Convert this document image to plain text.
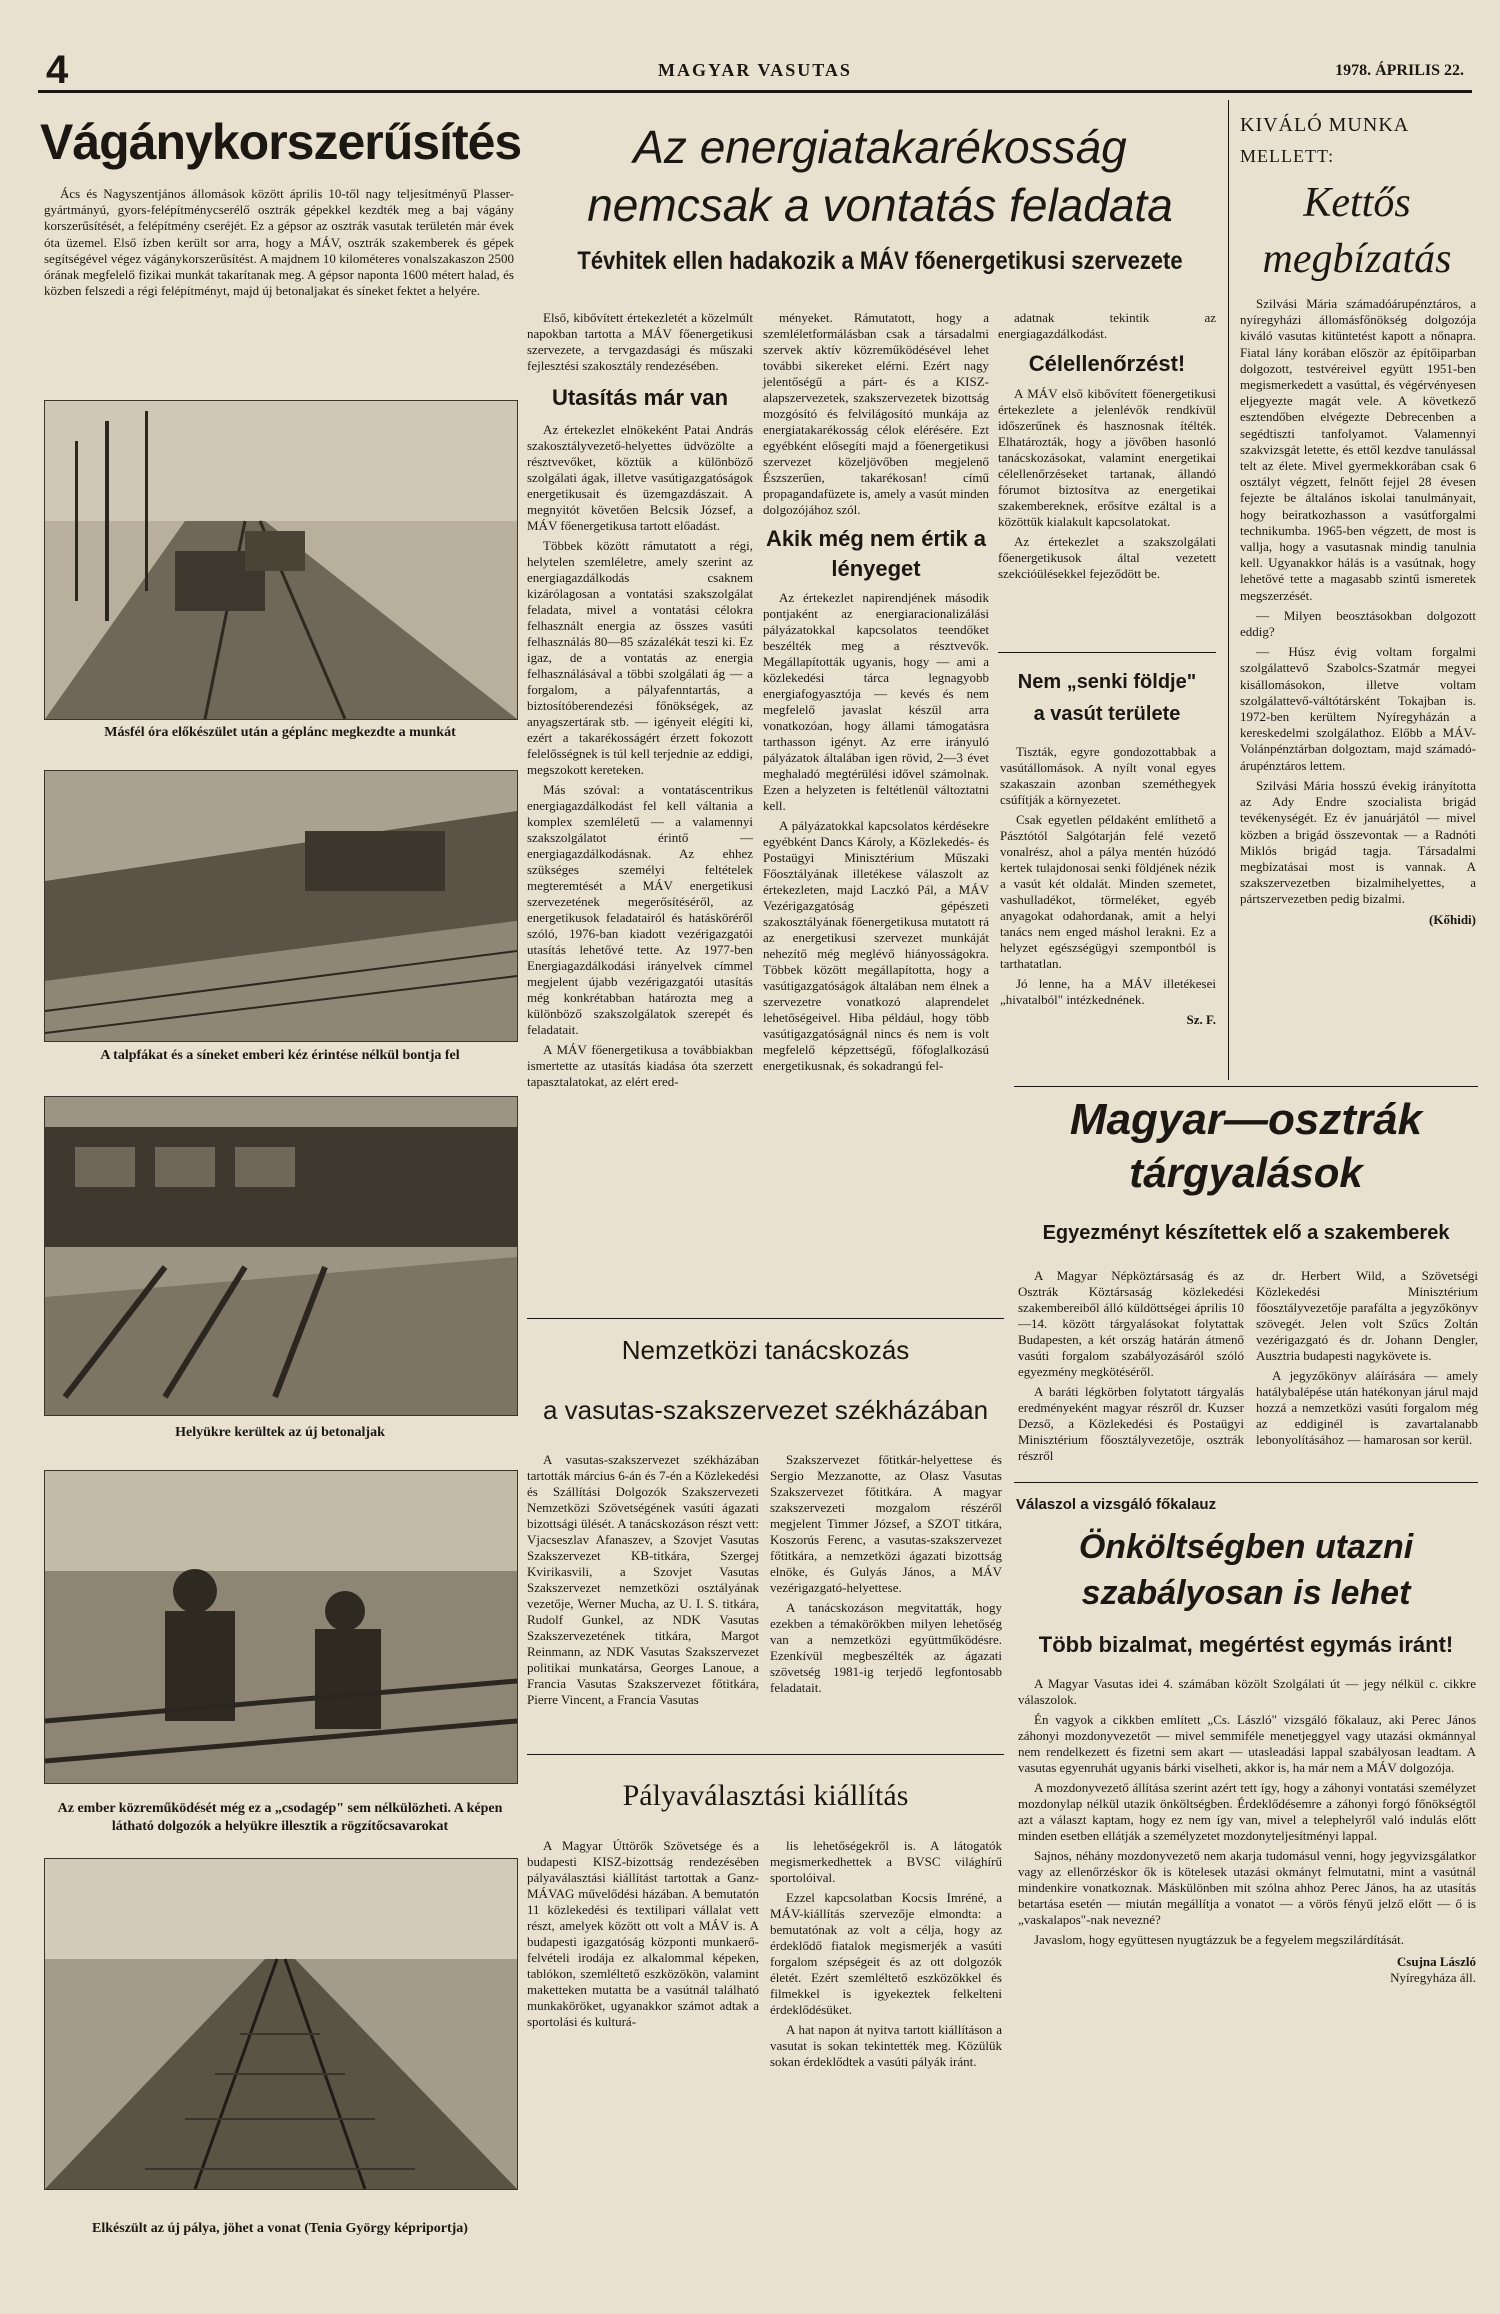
4	MAGYAR VASUTAS	1978. ÁPRILIS 22.
Vágánykorszerűsítés

Ács és Nagyszentjános állomások között április 10-től nagy teljesítményű Plasser-gyártmányú, gyors-felépítménycserélő osztrák gépekkel kezdték meg a baj vágány korszerűsítését, a felépítmény cseréjét. Ez a gépsor az osztrák vasutak területén már évek óta üzemel. Első ízben került sor arra, hogy a MÁV, osztrák szakemberek és gépek segítségével végez vágánykorszerűsítést. A majdnem 10 kilométeres vonalszakaszon 2500 órának megfelelő fizikai munkát takarítanak meg. A gépsor naponta 1600 métert halad, és közben felszedi a régi felépítményt, majd új betonaljakat és síneket fektet a helyére.

Másfél óra előkészület után a géplánc megkezdte a munkát
A talpfákat és a síneket emberi kéz érintése nélkül bontja fel
Helyükre kerültek az új betonaljak
Az ember közreműködését még ez a „csodagép" sem nélkülözheti. A képen látható dolgozók a helyükre illesztik a rögzítőcsavarokat
Elkészült az új pálya, jöhet a vonat (Tenia György képriportja)
Az energiatakarékosság
nemcsak a vontatás feladata
Tévhitek ellen hadakozik a MÁV főenergetikusi szervezete

Első, kibővített értekezletét a közelmúlt napokban tartotta a MÁV főenergetikusi szervezete, a tervgazdasági és műszaki fejlesztési szakosztály rendezésében.

Utasítás már van

Az értekezlet elnökeként Patai András szakosztályvezető-helyettes üdvözölte a résztvevőket, köztük a különböző szolgálati ágak, illetve vasútigazgatóságok energetikusait és üzemgazdászait. A megnyitót követően Belcsik József, a MÁV főenergetikusa tartott előadást.

Többek között rámutatott a régi, helytelen szemléletre, amely szerint az energiagazdálkodás csaknem kizárólagosan a vontatási szakszolgálat feladata, mivel a vontatási célokra felhasznált energia az összes vasúti felhasználás 80—85 százalékát teszi ki. Ez igaz, de a vontatás az energia felhasználásával a többi szolgálati ág — a forgalom, a pályafenntartás, a biztosítóberendezési főnökségek, az anyagszertárak stb. — igényeit elégíti ki, ezért a takarékosságért érzett fokozott felelősségnek is túl kell terjednie az eddigi, megszokott kereteken.

Más szóval: a vontatáscentrikus energiagazdálkodást fel kell váltania a komplex szemléletű — a valamennyi szakszolgálatot érintő — energiagazdálkodásnak. Az ehhez szükséges személyi feltételek megteremtését a MÁV energetikusi szervezetének megerősítéséről, az energetikusok feladatairól és hatásköréről szóló, 1976-ban kiadott vezérigazgatói utasítás lehetővé tette. Az 1977-ben Energiagazdálkodási irányelvek címmel megjelent újabb vezérigazgatói utasítás még konkrétabban határozta meg a különböző szakszolgálatok szerepét és feladatait.

A MÁV főenergetikusa a továbbiakban ismertette az utasítás kiadása óta szerzett tapasztalatokat, az elért ered-

ményeket. Rámutatott, hogy a szemléletformálásban csak a társadalmi szervek aktív közreműködésével lehet további sikereket elérni. Ezért nagy jelentőségű a párt- és a KISZ-alapszervezetek, szakszervezetek bizottság mozgósító és felvilágosító munkája az energiatakarékosság célok elérésére. Ezt egyébként elősegíti majd a főenergetikusi szervezet közeljövőben megjelenő Észszerűen, takarékosan! című propagandafüzete is, amely a vasút minden dolgozójához szól.

Akik még nem értik a lényeget

Az értekezlet napirendjének második pontjaként az energiaracionalizálási pályázatokkal kapcsolatos teendőket beszélték meg a résztvevők. Megállapították ugyanis, hogy — ami a közlekedési tárca legnagyobb energiafogyasztója — kevés és nem megfelelő javaslat készül arra vonatkozóan, hogy állami támogatásra tarthasson igényt. Az erre irányuló pályázatok általában igen rövid, 2—3 évet meghaladó megtérülési idővel számolnak. Ezen a helyzeten is feltétlenül változtatni kell.

A pályázatokkal kapcsolatos kérdésekre egyébként Dancs Károly, a Közlekedés- és Postaügyi Minisztérium Műszaki Főosztályának illetékese válaszolt az értekezleten, majd Laczkó Pál, a MÁV Vezérigazgatóság gépészeti szakosztályának főenergetikusa mutatott rá az energetikusi szervezet munkáját nehezítő még meglévő hiányosságokra. Többek között megállapította, hogy a vasútigazgatóságok általában nem élnek a szervezetre vonatkozó alaprendelet lehetőségeivel. Hiba például, hogy több vasútigazgatóságnál nincs és nem is volt megfelelő képzettségű, főfoglalkozású energetikusnak, és sokadrangú fel-

adatnak tekintik az energiagazdálkodást.

Célellenőrzést!

A MÁV első kibővített főenergetikusi értekezlete a jelenlévők rendkívül időszerűnek és hasznosnak ítélték. Elhatározták, hogy a jövőben hasonló tanácskozásokat, valamint energetikai célellenőrzéseket tartanak, állandó fórumot biztosítva az energetikai szakembereknek, erősítve ezáltal is a közöttük kialakult kapcsolatokat.

Az értekezlet a szakszolgálati főenergetikusok által vezetett szekcióülésekkel fejeződött be.

Nem „senki földje"
a vasút területe

Tiszták, egyre gondozottabbak a vasútállomások. A nyílt vonal egyes szakaszain azonban szeméthegyek csúfítják a környezetet.

Csak egyetlen példaként említhető a Pásztótól Salgótarján felé vezető vonalrész, ahol a pálya mentén húzódó kertek tulajdonosai senki földjének nézik a vasút két oldalát. Minden szemetet, vashulladékot, törmeléket, egyéb anyagokat odahordanak, amit a helyi tanács nem enged máshol lerakni. Ez a helyzet egészségügyi szempontból is tarthatatlan.

Jó lenne, ha a MÁV illetékesei „hivatalból" intézkednének.

Sz. F.
KIVÁLÓ MUNKA
MELLETT:
Kettős
megbízatás

Szilvási Mária számadóárupénztáros, a nyíregyházi állomásfőnökség dolgozója kiváló vasutas kitüntetést kapott a nőnapra. Fiatal lány korában először az építőiparban dolgozott, testvéreivel együtt 1951-ben megismerkedett a vasúttal, és végérvényesen eljegyezte magát vele. A következő esztendőben elvégezte Debrecenben a segédtiszti tanfolyamot. Valamennyi szakvizsgát letette, és ettől kezdve tanulással telt az élete. Mivel gyermekkorában csak 6 osztályt végzett, felnőtt fejjel 28 évesen fejezte be általános iskolai tanulmányait, hogy beiratkozhasson a vasútforgalmi technikumba. 1965-ben végzett, de most is vallja, hogy a vasutasnak mindig tanulnia kell. Ugyanakkor hálás is a vasútnak, hogy lehetővé tette a magasabb szintű ismeretek megszerzését.

— Milyen beosztásokban dolgozott eddig?

— Húsz évig voltam forgalmi szolgálattevő Szabolcs-Szatmár megyei kisállomásokon, illetve voltam szolgálattevő-váltótársként Tokajban is. 1972-ben kerültem Nyíregyházán a kereskedelmi szolgálathoz. Előbb a MÁV-Volánpénztárban dolgoztam, majd számadó-árupénztáros lettem.

Szilvási Mária hosszú évekig irányította az Ady Endre szocialista brigád tevékenységét. Ez év januárjától — mivel közben a brigád összevontak — a Radnóti Miklós brigád tagja. Társadalmi megbízatásai most is vannak. A szakszervezetben bizalmihelyettes, a pártszervezetben pedig bizalmi.

(Kőhidi)
Magyar—osztrák
tárgyalások
Egyezményt készítettek elő a szakemberek

A Magyar Népköztársaság és az Osztrák Köztársaság közlekedési szakembereiből álló küldöttségei április 10—14. között tárgyalásokat folytattak Budapesten, a két ország határán átmenő vasúti forgalom szabályozásáról szóló egyezmény megkötéséről.

A baráti légkörben folytatott tárgyalás eredményeként magyar részről dr. Kuzser Dezső, a Közlekedési és Postaügyi Minisztérium főosztályvezetője, osztrák részről

dr. Herbert Wild, a Szövetségi Közlekedési Minisztérium főosztályvezetője parafálta a jegyzőkönyv szövegét. Jelen volt Szűcs Zoltán vezérigazgató és dr. Johann Dengler, Ausztria budapesti nagykövete is.

A jegyzőkönyv aláírására — amely hatálybalépése után hatékonyan járul majd hozzá a nemzetközi vasúti forgalom még az eddiginél is zavartalanabb lebonyolításához — hamarosan sor kerül.

Nemzetközi tanácskozás
a vasutas-szakszervezet székházában

A vasutas-szakszervezet székházában tartották március 6-án és 7-én a Közlekedési és Szállítási Dolgozók Szakszervezeti Nemzetközi Szövetségének vasúti ágazati bizottsági ülését. A tanácskozáson részt vett: Vjacseszlav Afanaszev, a Szovjet Vasutas Szakszervezet KB-titkára, Szergej Kvirikasvili, a Szovjet Vasutas Szakszervezet nemzetközi osztályának vezetője, Werner Mucha, az U. I. S. titkára, Rudolf Gunkel, az NDK Vasutas Szakszervezetének titkára, Margot Reinmann, az NDK Vasutas Szakszervezet politikai munkatársa, Georges Lanoue, a Francia Vasutas Szakszervezet főtitkára, Pierre Vincent, a Francia Vasutas

Szakszervezet főtitkár-helyettese és Sergio Mezzanotte, az Olasz Vasutas Szakszervezet főtitkára. A magyar szakszervezeti mozgalom részéről megjelent Timmer József, a SZOT titkára, Koszorús Ferenc, a vasutas-szakszervezet főtitkára, a nemzetközi ágazati bizottság elnöke, és Gulyás János, a MÁV vezérigazgató-helyettese.

A tanácskozáson megvitatták, hogy ezekben a témakörökben milyen lehetőség van a nemzetközi együttműködésre. Ezenkívül megbeszélték az ágazati szövetség 1981-ig terjedő legfontosabb feladatait.

Pályaválasztási kiállítás

A Magyar Úttörők Szövetsége és a budapesti KISZ-bizottság rendezésében pályaválasztási kiállítást tartottak a Ganz-MÁVAG művelődési házában. A bemutatón 11 közlekedési és textilipari vállalat vett részt, amelyek között ott volt a MÁV is. A budapesti igazgatóság központi munkaerő-felvételi irodája ez alkalommal képeken, tablókon, szemléltető eszközökön, valamint maketteken mutatta be a vasútnál található munkaköröket, ugyanakkor számot adtak a sportolási és kulturá-

lis lehetőségekről is. A látogatók megismerkedhettek a BVSC világhírű sportolóival.

Ezzel kapcsolatban Kocsis Imréné, a MÁV-kiállítás szervezője elmondta: a bemutatónak az volt a célja, hogy az érdeklődő fiatalok megismerjék a vasúti forgalom szépségeit és az ott dolgozók életét. Ezért szemléltető eszközökkel és filmekkel is igyekeztek felkelteni érdeklődésüket.

A hat napon át nyitva tartott kiállításon a vasutat is sokan tekintették meg. Közülük sokan érdeklődtek a vasúti pályák iránt.

Válaszol a vizsgáló főkalauz
Önköltségben utazni
szabályosan is lehet
Több bizalmat, megértést egymás iránt!

A Magyar Vasutas idei 4. számában közölt Szolgálati út — jegy nélkül c. cikkre válaszolok.

Én vagyok a cikkben említett „Cs. László" vizsgáló főkalauz, aki Perec János záhonyi mozdonyvezetőt — mivel semmiféle menetjeggyel vagy utazási okmánnyal nem rendelkezett és fizetni sem akart — utasleadási lappal szabályosan leadtam. A vasutas egyenruhát ugyanis bárki viselheti, akkor is, ha már nem a MÁV dolgozója.

A mozdonyvezető állítása szerint azért tett így, hogy a záhonyi vontatási személyzet mozdonylap nélkül utazik önköltségben. Érdeklődésemre a záhonyi forgó főnökségtől azt a választ kaptam, hogy ez nem így van, mivel a telephelyről való indulás előtt minden esetben ellátják a személyzetet mozdonyteljesítményi lappal.

Sajnos, néhány mozdonyvezető nem akarja tudomásul venni, hogy jegyvizsgálatkor vagy az ellenőrzéskor ők is kötelesek utazási okmányt felmutatni, mint a vasútnál mindenkire vonatkoznak. Máskülönben mit szólna ahhoz Perec János, ha az utasítás betartása esetén — miután megállítja a vonatot — a vörös fényű jelző előtt — ő is „vaskalapos"-nak nevezné?

Javaslom, hogy együttesen nyugtázzuk be a fegyelem megszilárdítását.

Csujna László
Nyíregyháza áll.
